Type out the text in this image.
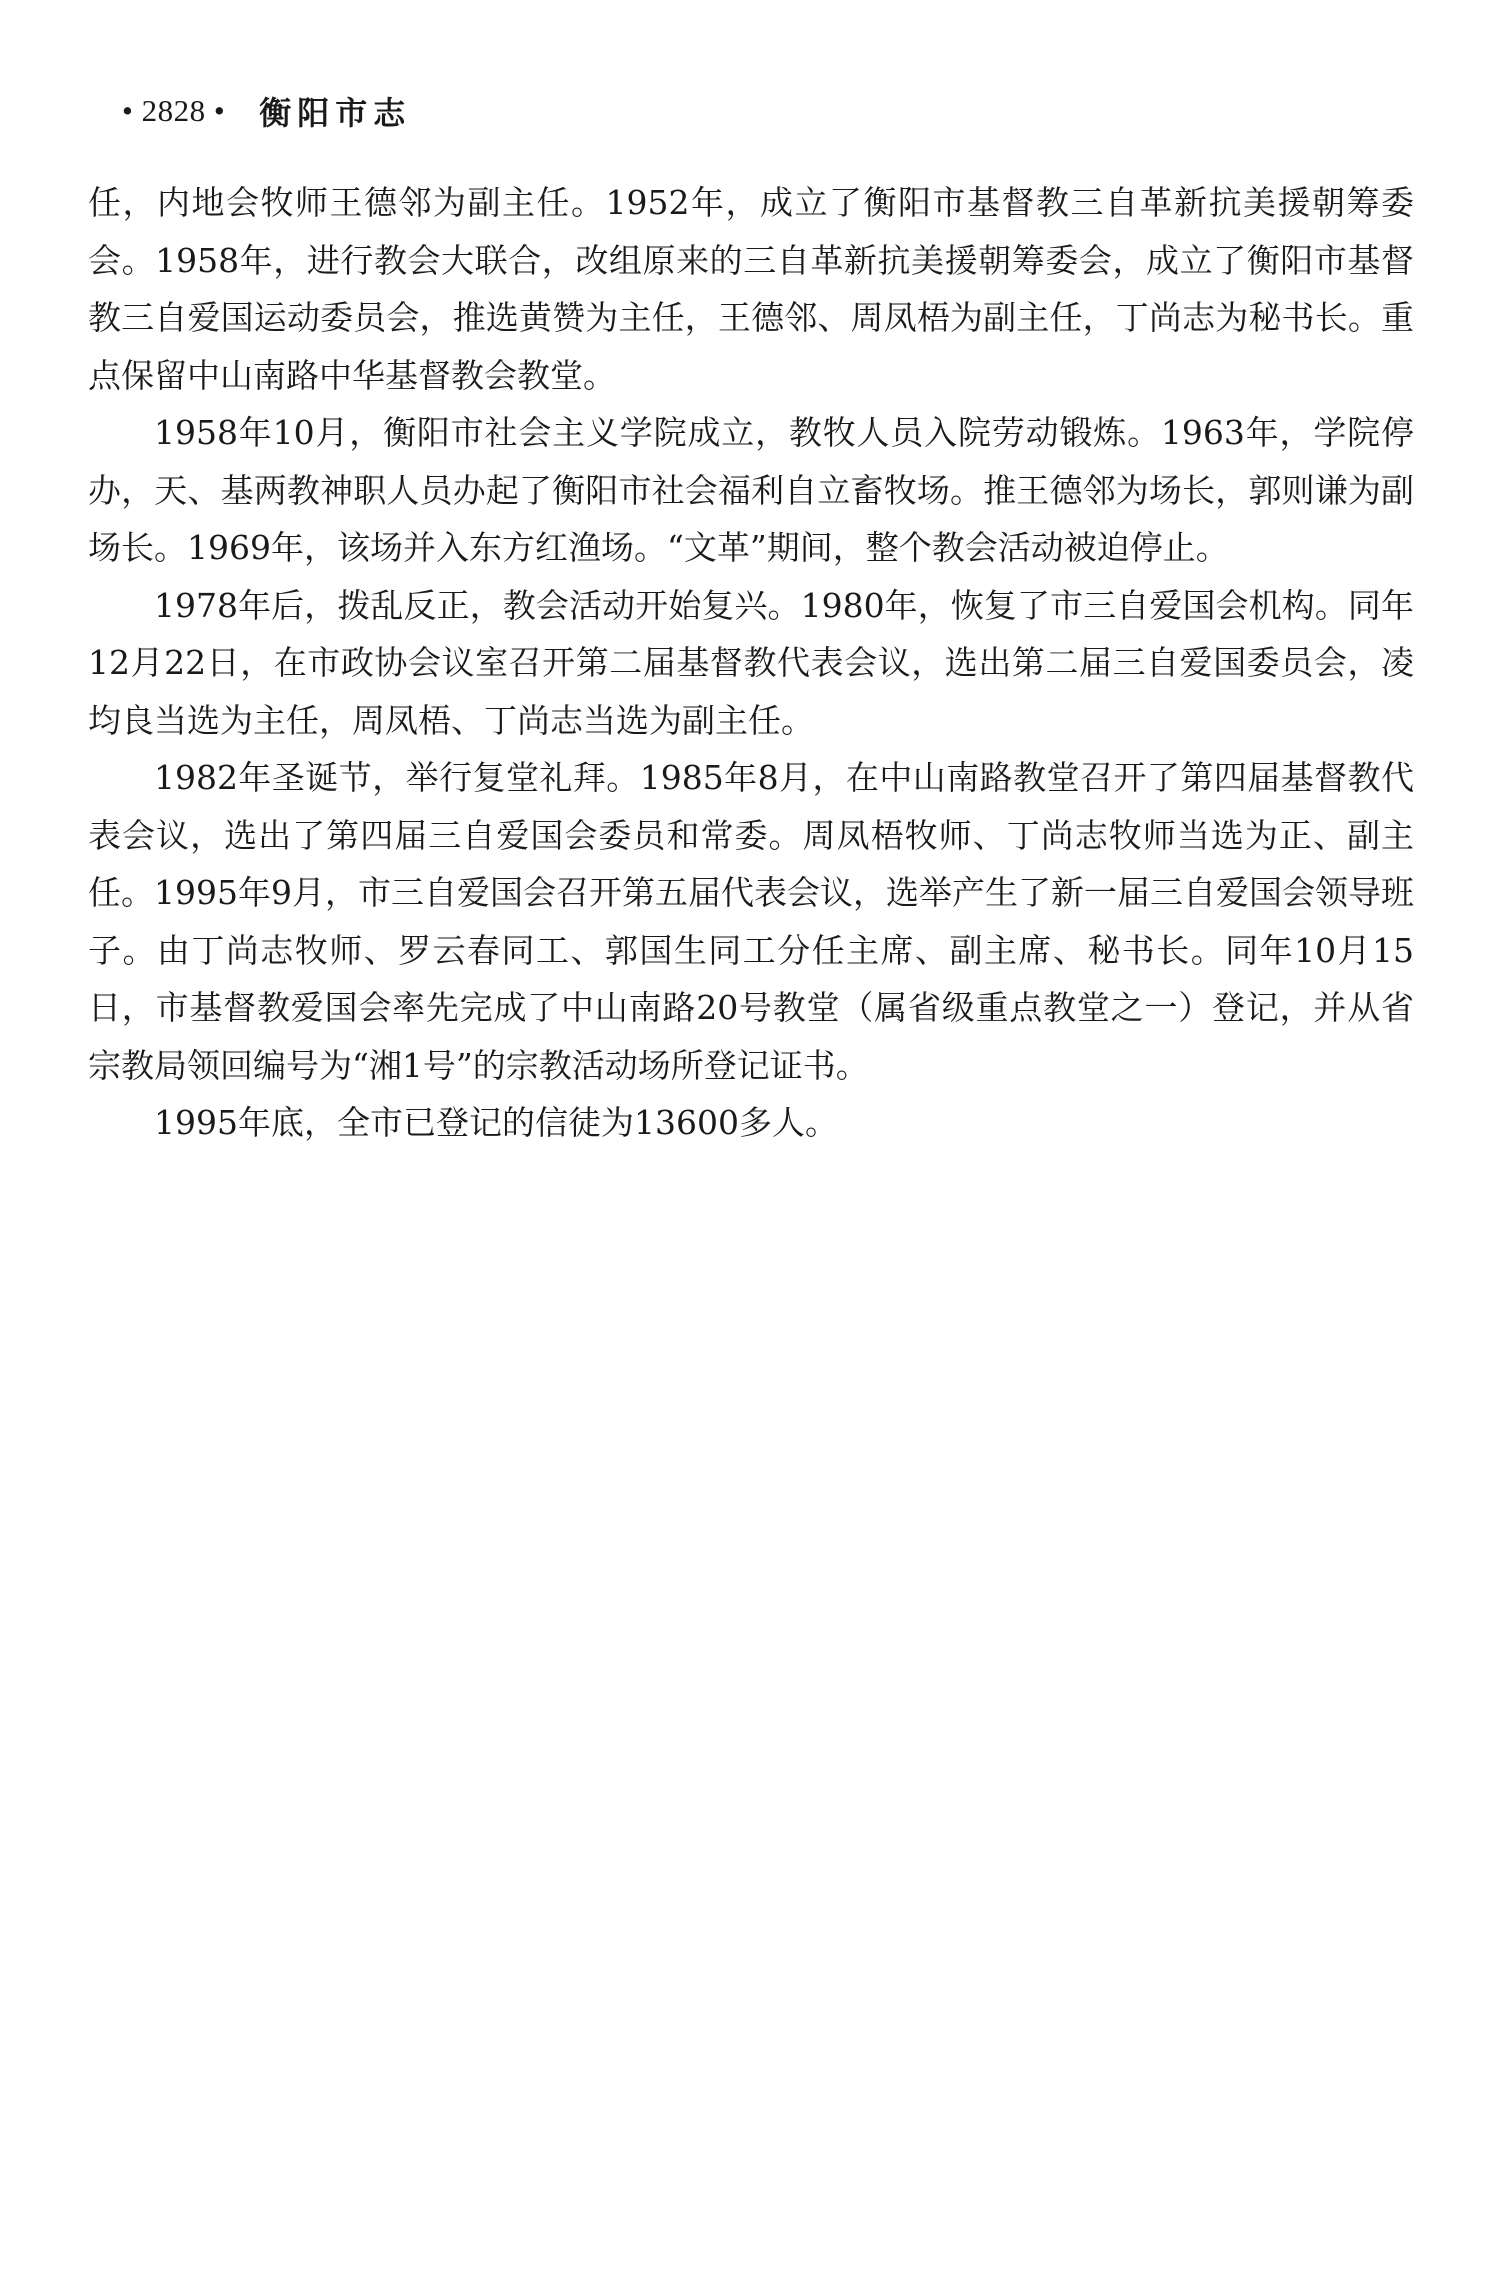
• 2828 • 衡阳市志

任，内地会牧师王德邻为副主任。1952年，成立了衡阳市基督教三自革新抗美援朝筹委会。1958年，进行教会大联合，改组原来的三自革新抗美援朝筹委会，成立了衡阳市基督教三自爱国运动委员会，推选黄赞为主任，王德邻、周凤梧为副主任，丁尚志为秘书长。重点保留中山南路中华基督教会教堂。

1958年10月，衡阳市社会主义学院成立，教牧人员入院劳动锻炼。1963年，学院停办，天、基两教神职人员办起了衡阳市社会福利自立畜牧场。推王德邻为场长，郭则谦为副场长。1969年，该场并入东方红渔场。“文革”期间，整个教会活动被迫停止。

1978年后，拨乱反正，教会活动开始复兴。1980年，恢复了市三自爱国会机构。同年12月22日，在市政协会议室召开第二届基督教代表会议，选出第二届三自爱国委员会，凌均良当选为主任，周凤梧、丁尚志当选为副主任。

1982年圣诞节，举行复堂礼拜。1985年8月，在中山南路教堂召开了第四届基督教代表会议，选出了第四届三自爱国会委员和常委。周凤梧牧师、丁尚志牧师当选为正、副主任。1995年9月，市三自爱国会召开第五届代表会议，选举产生了新一届三自爱国会领导班子。由丁尚志牧师、罗云春同工、郭国生同工分任主席、副主席、秘书长。同年10月15日，市基督教爱国会率先完成了中山南路20号教堂（属省级重点教堂之一）登记，并从省宗教局领回编号为“湘1号”的宗教活动场所登记证书。

1995年底，全市已登记的信徒为13600多人。
